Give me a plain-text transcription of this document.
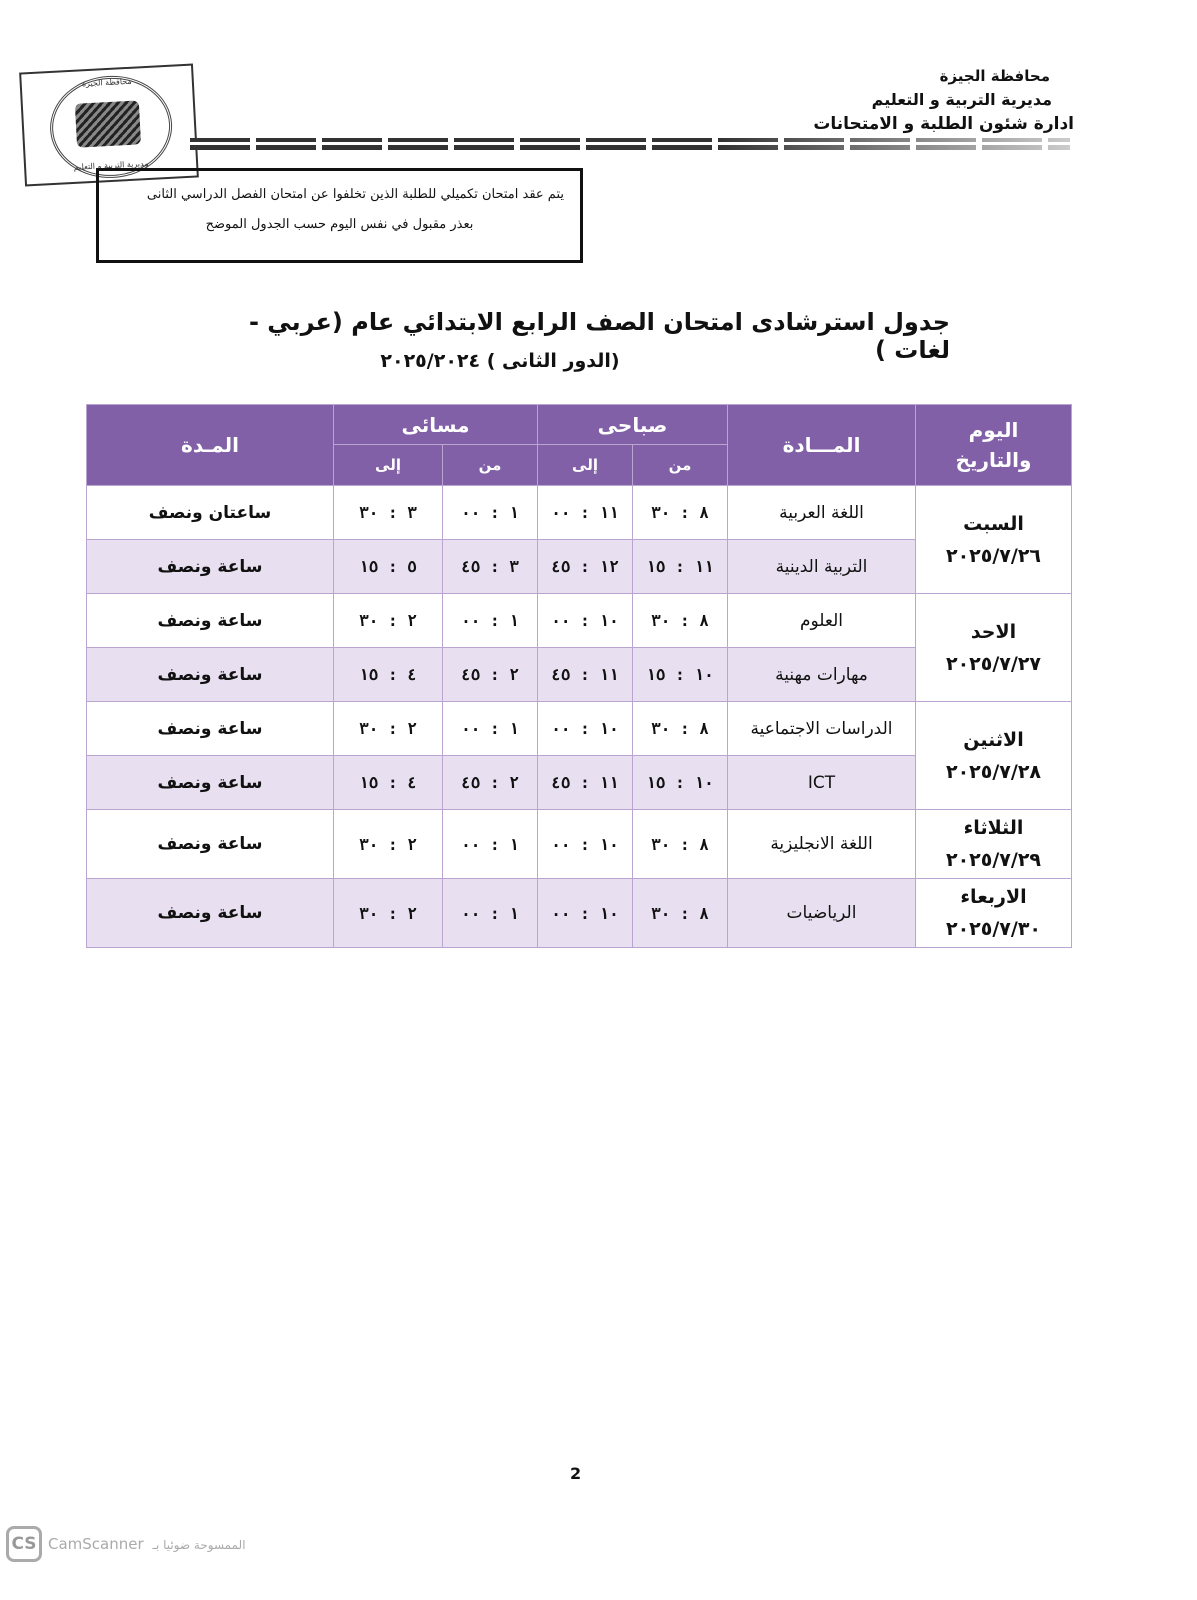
محافظة الجيزة
مديرية التربية و التعليم
ادارة شئون الطلبة و الامتحانات
محافظة الجيزة
مديرية التربية و التعليم
يتم عقد امتحان تكميلي للطلبة الذين تخلفوا عن امتحان الفصل الدراسي الثانى
بعذر مقبول في نفس اليوم حسب الجدول الموضح
جدول استرشادى امتحان الصف الرابع الابتدائي عام (عربي - لغات )
(الدور الثانى ) ٢٠٢٥/٢٠٢٤
اليوم
والتاريخ	المـــادة	صباحى		مسائى		المـدة
		من	إلى	من	إلى	

السبت
٢٠٢٥/٧/٢٦	اللغة العربية	٨ : ٣٠	١١ : ٠٠	١ : ٠٠	٣ : ٣٠	ساعتان ونصف
	التربية الدينية	١١ : ١٥	١٢ : ٤٥	٣ : ٤٥	٥ : ١٥	ساعة ونصف

الاحد
٢٠٢٥/٧/٢٧	العلوم	٨ : ٣٠	١٠ : ٠٠	١ : ٠٠	٢ : ٣٠	ساعة ونصف
	مهارات مهنية	١٠ : ١٥	١١ : ٤٥	٢ : ٤٥	٤ : ١٥	ساعة ونصف

الاثنين
٢٠٢٥/٧/٢٨	الدراسات الاجتماعية	٨ : ٣٠	١٠ : ٠٠	١ : ٠٠	٢ : ٣٠	ساعة ونصف
	ICT	١٠ : ١٥	١١ : ٤٥	٢ : ٤٥	٤ : ١٥	ساعة ونصف

الثلاثاء
٢٠٢٥/٧/٢٩	اللغة الانجليزية	٨ : ٣٠	١٠ : ٠٠	١ : ٠٠	٢ : ٣٠	ساعة ونصف

الاربعاء
٢٠٢٥/٧/٣٠	الرياضيات	٨ : ٣٠	١٠ : ٠٠	١ : ٠٠	٢ : ٣٠	ساعة ونصف
2
CS CamScanner الممسوحة ضوئيا بـ
